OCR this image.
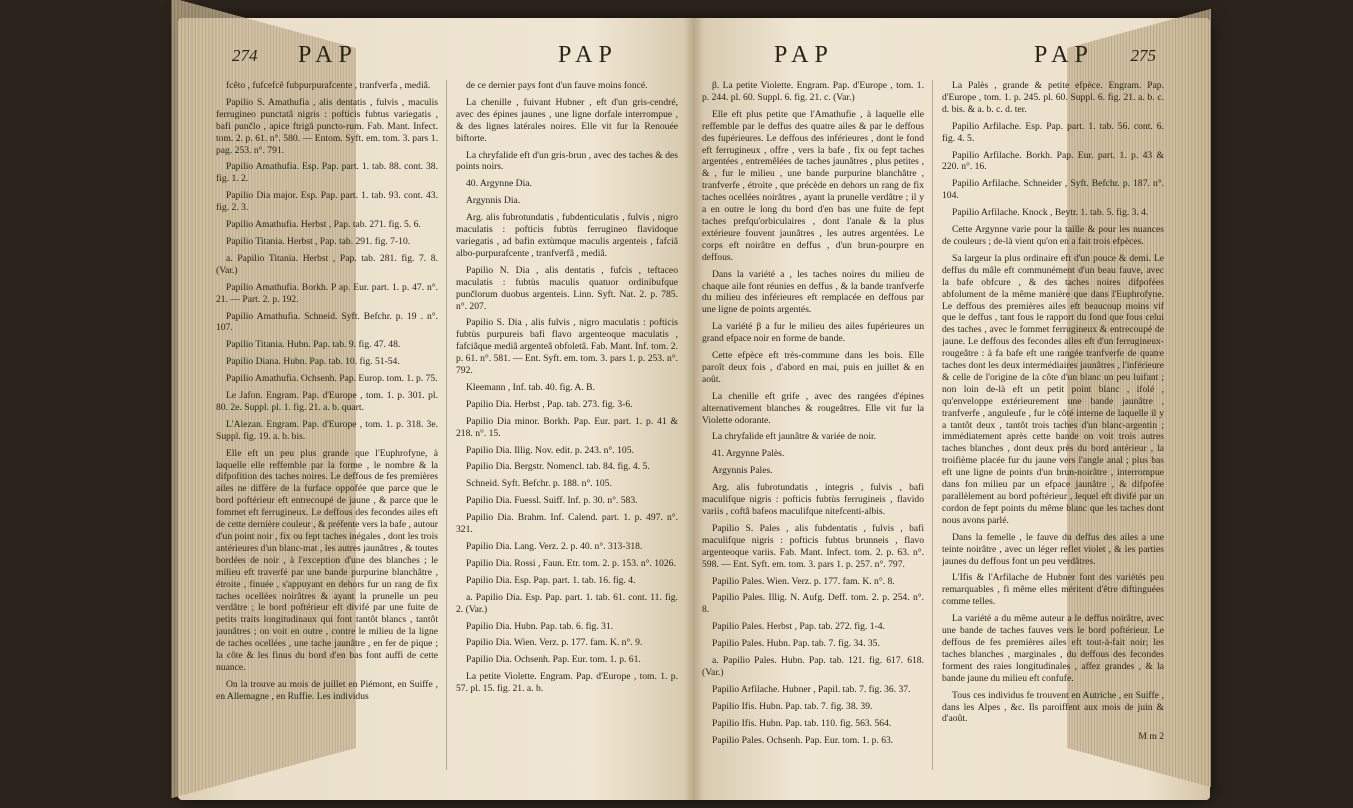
274 PAP	PAP

fcêto , fufcefcê fubpurpurafcente , tranfverfa , mediâ.

Papilio S. Amathufia , alis dentatis , fulvis , maculis ferrugineo punctatâ nigris : pofticis fubtus variegatis , bafi punčlo , apice ftrigâ puncto-rum. Fab. Mant. Infect. tom. 2. p. 61. n°. 580. — Entom. Syft. em. tom. 3. pars 1. pag. 253. n°. 791.

Papilio Amathufia. Esp. Pap. part. 1. tab. 88. cont. 38. fig. 1. 2.

Papilio Dia major. Esp. Pap. part. 1. tab. 93. cont. 43. fig. 2. 3.

Papilio Amathufia. Herbst , Pap. tab. 271. fig. 5. 6.

Papilio Titania. Herbst , Pap. tab. 291. fig. 7-10.

a. Papilio Titania. Herbst , Pap. tab. 281. fig. 7. 8. (Var.)

Papilio Amathufia. Borkh. P ap. Eur. part. 1. p. 47. n°. 21. — Part. 2. p. 192.

Papilio Amathufia. Schneid. Syft. Befchr. p. 19 . n°. 107.

Papilio Titania. Hubn. Pap. tab. 9. fig. 47. 48.

Papilio Diana. Hubn. Pap. tab. 10. fig. 51-54.

Papilio Amathufia. Ochsenh. Pap. Europ. tom. 1. p. 75.

Le Jafon. Engram. Pap. d'Europe , tom. 1. p. 301. pl. 80. 2e. Suppl. pl. 1. fig. 21. a. b. quart.

L'Alezan. Engram. Pap. d'Europe , tom. 1. p. 318. 3e. Suppl. fig. 19. a. b. bis.

Elle eft un peu plus grande que l'Euphrofyne, à laquelle elle reffemble par la forme , le nombre & la difpofition des taches noires. Le deffous de fes premières ailes ne diffère de la furface oppofée que parce que le bord poftérieur eft entrecoupé de jaune , & parce que le fommet eft ferrugineux. Le deffous des fecondes ailes eft de cette dernière couleur , & préfente vers la bafe , autour d'un point noir , fix ou fept taches inégales , dont les trois antérieures d'un blanc-mat , les autres jaunâtres , & toutes bordées de noir , à l'exception d'une des blanches ; le milieu eft traverfé par une bande purpurine blanchâtre , étroite , finuée , s'appuyant en dehors fur un rang de fix taches ocellées noirâtres & ayant la prunelle un peu verdâtre ; le bord poftérieur eft divifé par une fuite de petits traits longitudinaux qui font tantôt blancs , tantôt jaunâtres ; on voit en outre , contre le milieu de la ligne de taches ocellées , une tache jaunâtre , en fer de pique ; la côte & les finus du bord d'en bas font auffi de cette nuance.

On la trouve au mois de juillet en Piémont, en Suiffe , en Allemagne , en Ruffie. Les individus

de ce dernier pays font d'un fauve moins foncé.

La chenille , fuivant Hubner , eft d'un gris-cendré, avec des épines jaunes , une ligne dorfale interrompue , & des lignes latérales noires. Elle vit fur la Renouée biftorte.

La chryfalide eft d'un gris-brun , avec des taches & des points noirs.

40. Argynne Dia.

Argynnis Dia.

Arg. alis fubrotundatis , fubdenticulatis , fulvis , nigro maculatis : pofticis fubtùs ferrugineo flavidoque variegatis , ad bafin extùmque maculis argenteis , fafciâ albo-purpurafcente , tranfverfâ , mediâ.

Papilio N. Dia , alis dentatis , fufcis , teftaceo maculatis : fubtùs maculis quatuor ordinibufque punčlorum duobus argenteis. Linn. Syft. Nat. 2. p. 785. n°. 207.

Papilio S. Dia , alis fulvis , nigro maculatis : pofticis fubtùs purpureis bafi flavo argenteoque maculatis , fafciâque mediâ argenteâ obfoletâ. Fab. Mant. Inf. tom. 2. p. 61. n°. 581. — Ent. Syft. em. tom. 3. pars 1. p. 253. n°. 792.

Kleemann , Inf. tab. 40. fig. A. B.

Papilio Dia. Herbst , Pap. tab. 273. fig. 3-6.

Papilio Dia minor. Borkh. Pap. Eur. part. 1. p. 41 & 218. n°. 15.

Papilio Dia. Illig. Nov. edit. p. 243. n°. 105.

Papilio Dia. Bergstr. Nomencl. tab. 84. fig. 4. 5.

Schneid. Syft. Befchr. p. 188. n°. 105.

Papilio Dia. Fuessl. Suiff. Inf. p. 30. n°. 583.

Papilio Dia. Brahm. Inf. Calend. part. 1. p. 497. n°. 321.

Papilio Dia. Lang. Verz. 2. p. 40. n°. 313-318.

Papilio Dia. Rossi , Faun. Etr. tom. 2. p. 153. n°. 1026.

Papilio Dia. Esp. Pap. part. 1. tab. 16. fig. 4.

a. Papilio Dia. Esp. Pap. part. 1. tab. 61. cont. 11. fig. 2. (Var.)

Papilio Dia. Hubn. Pap. tab. 6. fig. 31.

Papilio Dia. Wien. Verz. p. 177. fam. K. n°. 9.

Papilio Dia. Ochsenh. Pap. Eur. tom. 1. p. 61.

La petite Violette. Engram. Pap. d'Europe , tom. 1. p. 57. pl. 15. fig. 21. a. b.

PAP	PAP 275

β. La petite Violette. Engram. Pap. d'Europe , tom. 1. p. 244. pl. 60. Suppl. 6. fig. 21. c. (Var.)

Elle eft plus petite que l'Amathufie , à laquelle elle reffemble par le deffus des quatre ailes & par le deffous des fupérieures. Le deffous des inférieures , dont le fond eft ferrugineux , offre , vers la bafe , fix ou fept taches argentées , entremêlées de taches jaunâtres , plus petites , & , fur le milieu , une bande purpurine blanchâtre , tranfverfe , étroite , que précède en dehors un rang de fix taches ocellées noirâtres , ayant la prunelle verdâtre ; il y a en outre le long du bord d'en bas une fuite de fept taches prefqu'orbiculaires , dont l'anale & la plus extérieure fouvent jaunâtres , les autres argentées. Le corps eft noirâtre en deffus , d'un brun-pourpre en deffous.

Dans la variété a , les taches noires du milieu de chaque aile font réunies en deffus , & la bande tranfverfe du milieu des inférieures eft remplacée en deffous par une ligne de points argentés.

La variété β a fur le milieu des ailes fupérieures un grand efpace noir en forme de bande.

Cette efpèce eft très-commune dans les bois. Elle paroît deux fois , d'abord en mai, puis en juillet & en août.

La chenille eft grife , avec des rangées d'épines alternativement blanches & rougeâtres. Elle vit fur la Violette odorante.

La chryfalide eft jaunâtre & variée de noir.

41. Argynne Palès.

Argynnis Pales.

Arg. alis fubrotundatis , integris , fulvis , bafi maculifque nigris : pofticis fubtùs ferrugineis , flavido variis , coftâ bafeos maculifque nitefcenti-albis.

Papilio S. Pales , alis fubdentatis , fulvis , bafi maculifque nigris : pofticis fubtus brunneis , flavo argenteoque variis. Fab. Mant. Infect. tom. 2. p. 63. n°. 598. — Ent. Syft. em. tom. 3. pars 1. p. 257. n°. 797.

Papilio Pales. Wien. Verz. p. 177. fam. K. n°. 8.

Papilio Pales. Illig. N. Aufg. Deff. tom. 2. p. 254. n°. 8.

Papilio Pales. Herbst , Pap. tab. 272. fig. 1-4.

Papilio Pales. Hubn. Pap. tab. 7. fig. 34. 35.

a. Papilio Pales. Hubn. Pap. tab. 121. fig. 617. 618. (Var.)

Papilio Arfilache. Hubner , Papil. tab. 7. fig. 36. 37.

Papilio Ifis. Hubn. Pap. tab. 7. fig. 38. 39.

Papilio Ifis. Hubn. Pap. tab. 110. fig. 563. 564.

Papilio Pales. Ochsenh. Pap. Eur. tom. 1. p. 63.

La Palès , grande & petite efpèce. Engram. Pap. d'Europe , tom. 1. p. 245. pl. 60. Suppl. 6. fig. 21. a. b. c. d. bis. & a. b. c. d. ter.

Papilio Arfilache. Esp. Pap. part. 1. tab. 56. cont. 6. fig. 4. 5.

Papilio Arfilache. Borkh. Pap. Eur. part. 1. p. 43 & 220. n°. 16.

Papilio Arfilache. Schneider , Syft. Befchr. p. 187. n°. 104.

Papilio Arfilache. Knock , Beytr. 1. tab. 5. fig. 3. 4.

Cette Argynne varie pour la taille & pour les nuances de couleurs ; de-là vient qu'on en a fait trois efpèces.

Sa largeur la plus ordinaire eft d'un pouce & demi. Le deffus du mâle eft communément d'un beau fauve, avec la bafe obfcure , & des taches noires difpofées abfolument de la même manière que dans l'Euphrofyne. Le deffous des premières ailes eft beaucoup moins vif que le deffus , tant fous le rapport du fond que fous celui des taches , avec le fommet ferrugineux & entrecoupé de jaune. Le deffous des fecondes ailes eft d'un ferrugineux-rougeâtre : à fa bafe eft une rangée tranfverfe de quatre taches dont les deux intermédiaires jaunâtres , l'inférieure & celle de l'origine de la côte d'un blanc un peu luifant ; non loin de-là eft un petit point blanc , ifolé , qu'enveloppe extérieurement une bande jaunâtre , tranfverfe , anguleufe , fur le côté interne de laquelle il y a tantôt deux , tantôt trois taches d'un blanc-argentin ; immédiatement après cette bande on voit trois autres taches blanches , dont deux près du bord antérieur , la troifième placée fur du jaune vers l'angle anal ; plus bas eft une ligne de points d'un brun-noirâtre , interrompue dans fon milieu par un efpace jaunâtre , & difpofée parallèlement au bord poftérieur , lequel eft divifé par un cordon de fept points du même blanc que les taches dont nous avons parlé.

Dans la femelle , le fauve du deffus des ailes a une teinte noirâtre , avec un léger reflet violet , & les parties jaunes du deffous font un peu verdâtres.

L'Ifis & l'Arfilache de Hubner font des variétés peu remarquables , fi même elles méritent d'être diftinguées comme telles.

La variété a du même auteur a le deffus noirâtre, avec une bande de taches fauves vers le bord poftérieur. Le deffous de fes premières ailes eft tout-à-fait noir; les taches blanches , marginales , du deffous des fecondes forment des raies longitudinales , affez grandes , & la bande jaune du milieu eft confufe.

Tous ces individus fe trouvent en Autriche , en Suiffe , dans les Alpes , &c. Ils paroiffent aux mois de juin & d'août.

M m 2
